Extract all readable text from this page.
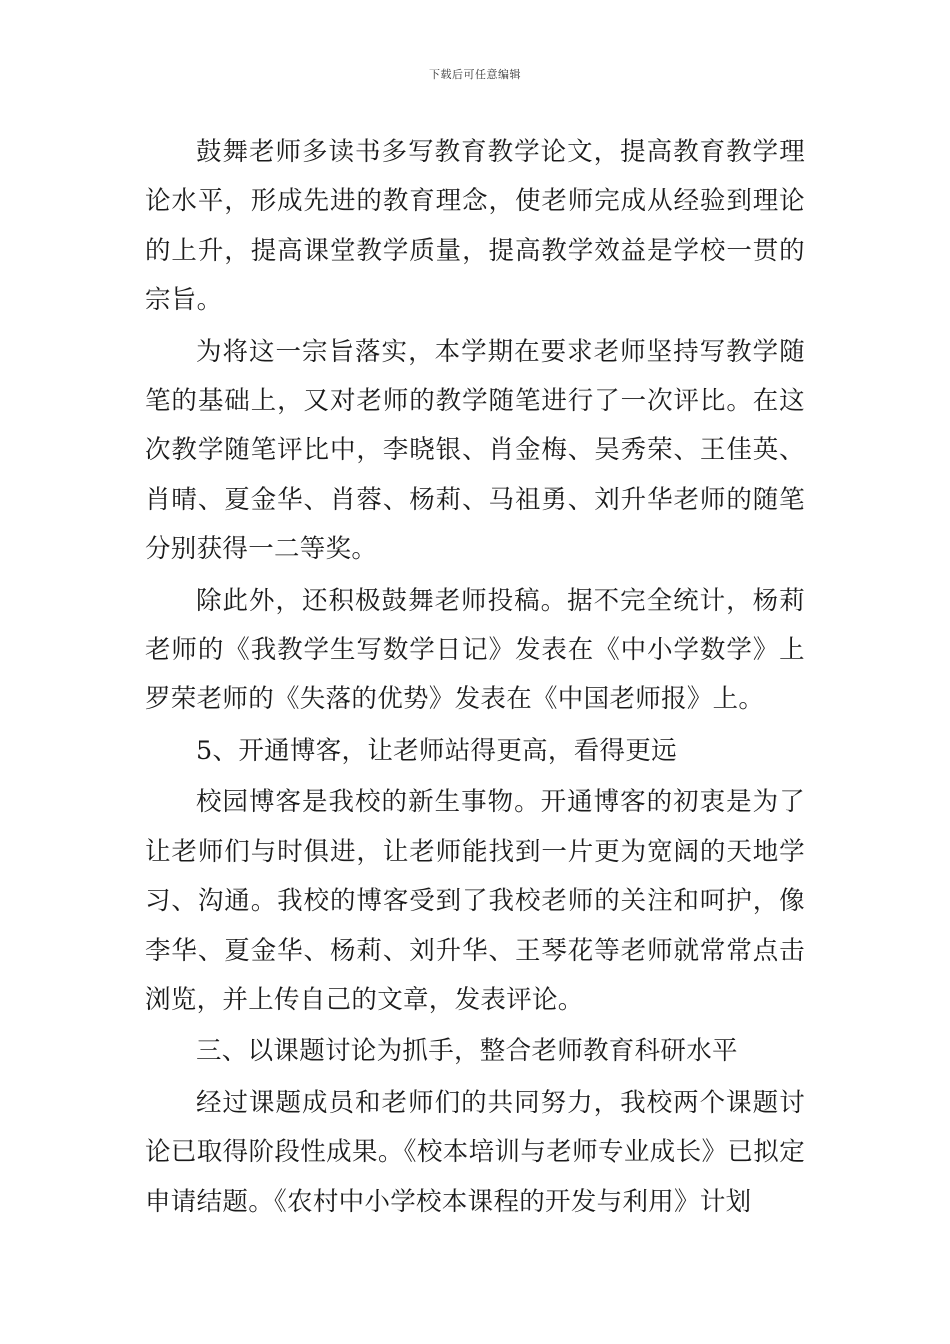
下载后可任意编辑

鼓舞老师多读书多写教育教学论文，提高教育教学理论水平，形成先进的教育理念，使老师完成从经验到理论的上升，提高课堂教学质量，提高教学效益是学校一贯的宗旨。

为将这一宗旨落实，本学期在要求老师坚持写教学随笔的基础上，又对老师的教学随笔进行了一次评比。在这次教学随笔评比中，李晓银、肖金梅、吴秀荣、王佳英、肖晴、夏金华、肖蓉、杨莉、马祖勇、刘升华老师的随笔分别获得一二等奖。

除此外，还积极鼓舞老师投稿。据不完全统计，杨莉老师的《我教学生写数学日记》发表在《中小学数学》上罗荣老师的《失落的优势》发表在《中国老师报》上。

5、开通博客，让老师站得更高，看得更远

校园博客是我校的新生事物。开通博客的初衷是为了让老师们与时俱进，让老师能找到一片更为宽阔的天地学习、沟通。我校的博客受到了我校老师的关注和呵护，像李华、夏金华、杨莉、刘升华、王琴花等老师就常常点击浏览，并上传自己的文章，发表评论。

三、以课题讨论为抓手，整合老师教育科研水平

经过课题成员和老师们的共同努力，我校两个课题讨论已取得阶段性成果。《校本培训与老师专业成长》已拟定申请结题。《农村中小学校本课程的开发与利用》计划
